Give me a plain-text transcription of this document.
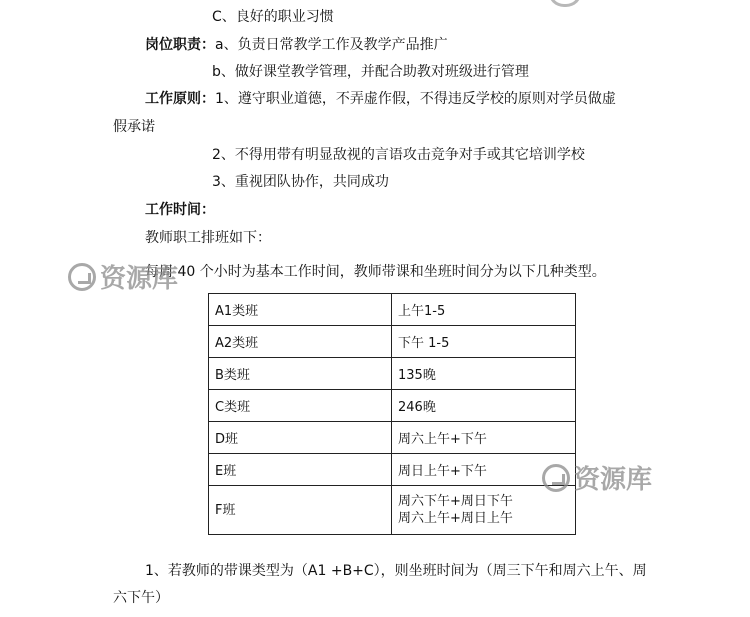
C、良好的职业习惯
岗位职责：a、负责日常教学工作及教学产品推广
b、做好课堂教学管理，并配合助教对班级进行管理
工作原则：1、遵守职业道德，不弄虚作假，不得违反学校的原则对学员做虚
假承诺
2、不得用带有明显敌视的言语攻击竞争对手或其它培训学校
3、重视团队协作，共同成功
工作时间：
教师职工排班如下：
每周 40 个小时为基本工作时间，教师带课和坐班时间分为以下几种类型。
资源库
A1类班	上午1-5

A2类班	下午 1-5

B类班	135晚

C类班	246晚

D班	周六上午+下午

E班	周日上午+下午

F班	周六下午+周日下午
周六上午+周日上午
资源库
1、若教师的带课类型为（A1 +B+C），则坐班时间为（周三下午和周六上午、周
六下午）
